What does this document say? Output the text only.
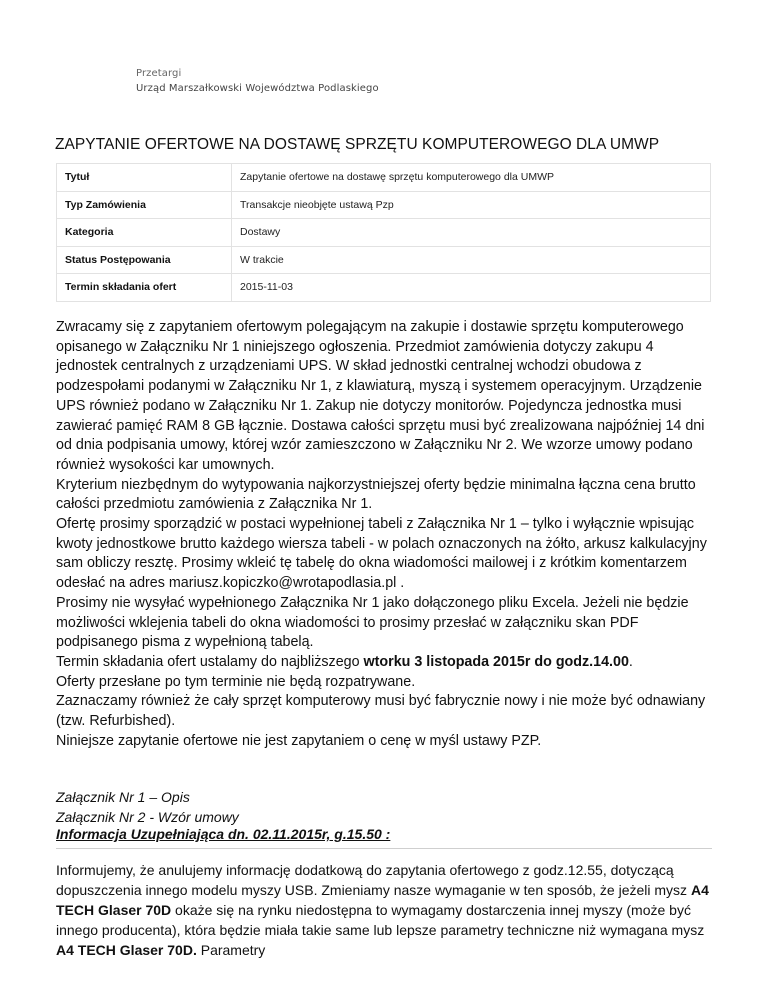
Przetargi
Urząd Marszałkowski Województwa Podlaskiego
ZAPYTANIE OFERTOWE NA DOSTAWĘ SPRZĘTU KOMPUTEROWEGO DLA UMWP
Tytuł	Zapytanie ofertowe na dostawę sprzętu komputerowego dla UMWP
Typ Zamówienia	Transakcje nieobjęte ustawą Pzp
Kategoria	Dostawy
Status Postępowania	W trakcie
Termin składania ofert	2015-11-03

Zwracamy się z zapytaniem ofertowym polegającym na zakupie i dostawie sprzętu komputerowego opisanego w Załączniku Nr 1 niniejszego ogłoszenia. Przedmiot zamówienia dotyczy zakupu 4 jednostek centralnych z urządzeniami UPS. W skład jednostki centralnej wchodzi obudowa z podzespołami podanymi w Załączniku Nr 1, z klawiaturą, myszą i systemem operacyjnym. Urządzenie UPS również podano w Załączniku Nr 1. Zakup nie dotyczy monitorów. Pojedyncza jednostka musi zawierać pamięć RAM 8 GB łącznie. Dostawa całości sprzętu musi być zrealizowana najpóźniej 14 dni od dnia podpisania umowy, której wzór zamieszczono w Załączniku Nr 2. We wzorze umowy podano również wysokości kar umownych.

Kryterium niezbędnym do wytypowania najkorzystniejszej oferty będzie minimalna łączna cena brutto całości przedmiotu zamówienia z Załącznika Nr 1.

Ofertę prosimy sporządzić w postaci wypełnionej tabeli z Załącznika Nr 1 – tylko i wyłącznie wpisując kwoty jednostkowe brutto każdego wiersza tabeli - w polach oznaczonych na żółto, arkusz kalkulacyjny sam obliczy resztę. Prosimy wkleić tę tabelę do okna wiadomości mailowej i z krótkim komentarzem odesłać na adres mariusz.kopiczko@wrotapodlasia.pl .

Prosimy nie wysyłać wypełnionego Załącznika Nr 1 jako dołączonego pliku Excela. Jeżeli nie będzie możliwości wklejenia tabeli do okna wiadomości to prosimy przesłać w załączniku skan PDF podpisanego pisma z wypełnioną tabelą.

Termin składania ofert ustalamy do najbliższego wtorku 3 listopada 2015r do godz.14.00.

Oferty przesłane po tym terminie nie będą rozpatrywane.

Zaznaczamy również że cały sprzęt komputerowy musi być fabrycznie nowy i nie może być odnawiany (tzw. Refurbished).

Niniejsze zapytanie ofertowe nie jest zapytaniem o cenę w myśl ustawy PZP.

Załącznik Nr 1 – Opis
Załącznik Nr 2 - Wzór umowy
Informacja Uzupełniająca dn. 02.11.2015r, g.15.50 :
Informujemy, że anulujemy informację dodatkową do zapytania ofertowego z godz.12.55, dotyczącą dopuszczenia innego modelu myszy USB. Zmieniamy nasze wymaganie w ten sposób, że jeżeli mysz A4 TECH Glaser 70D okaże się na rynku niedostępna to wymagamy dostarczenia innej myszy (może być innego producenta), która będzie miała takie same lub lepsze parametry techniczne niż wymagana mysz A4 TECH Glaser 70D. Parametry
